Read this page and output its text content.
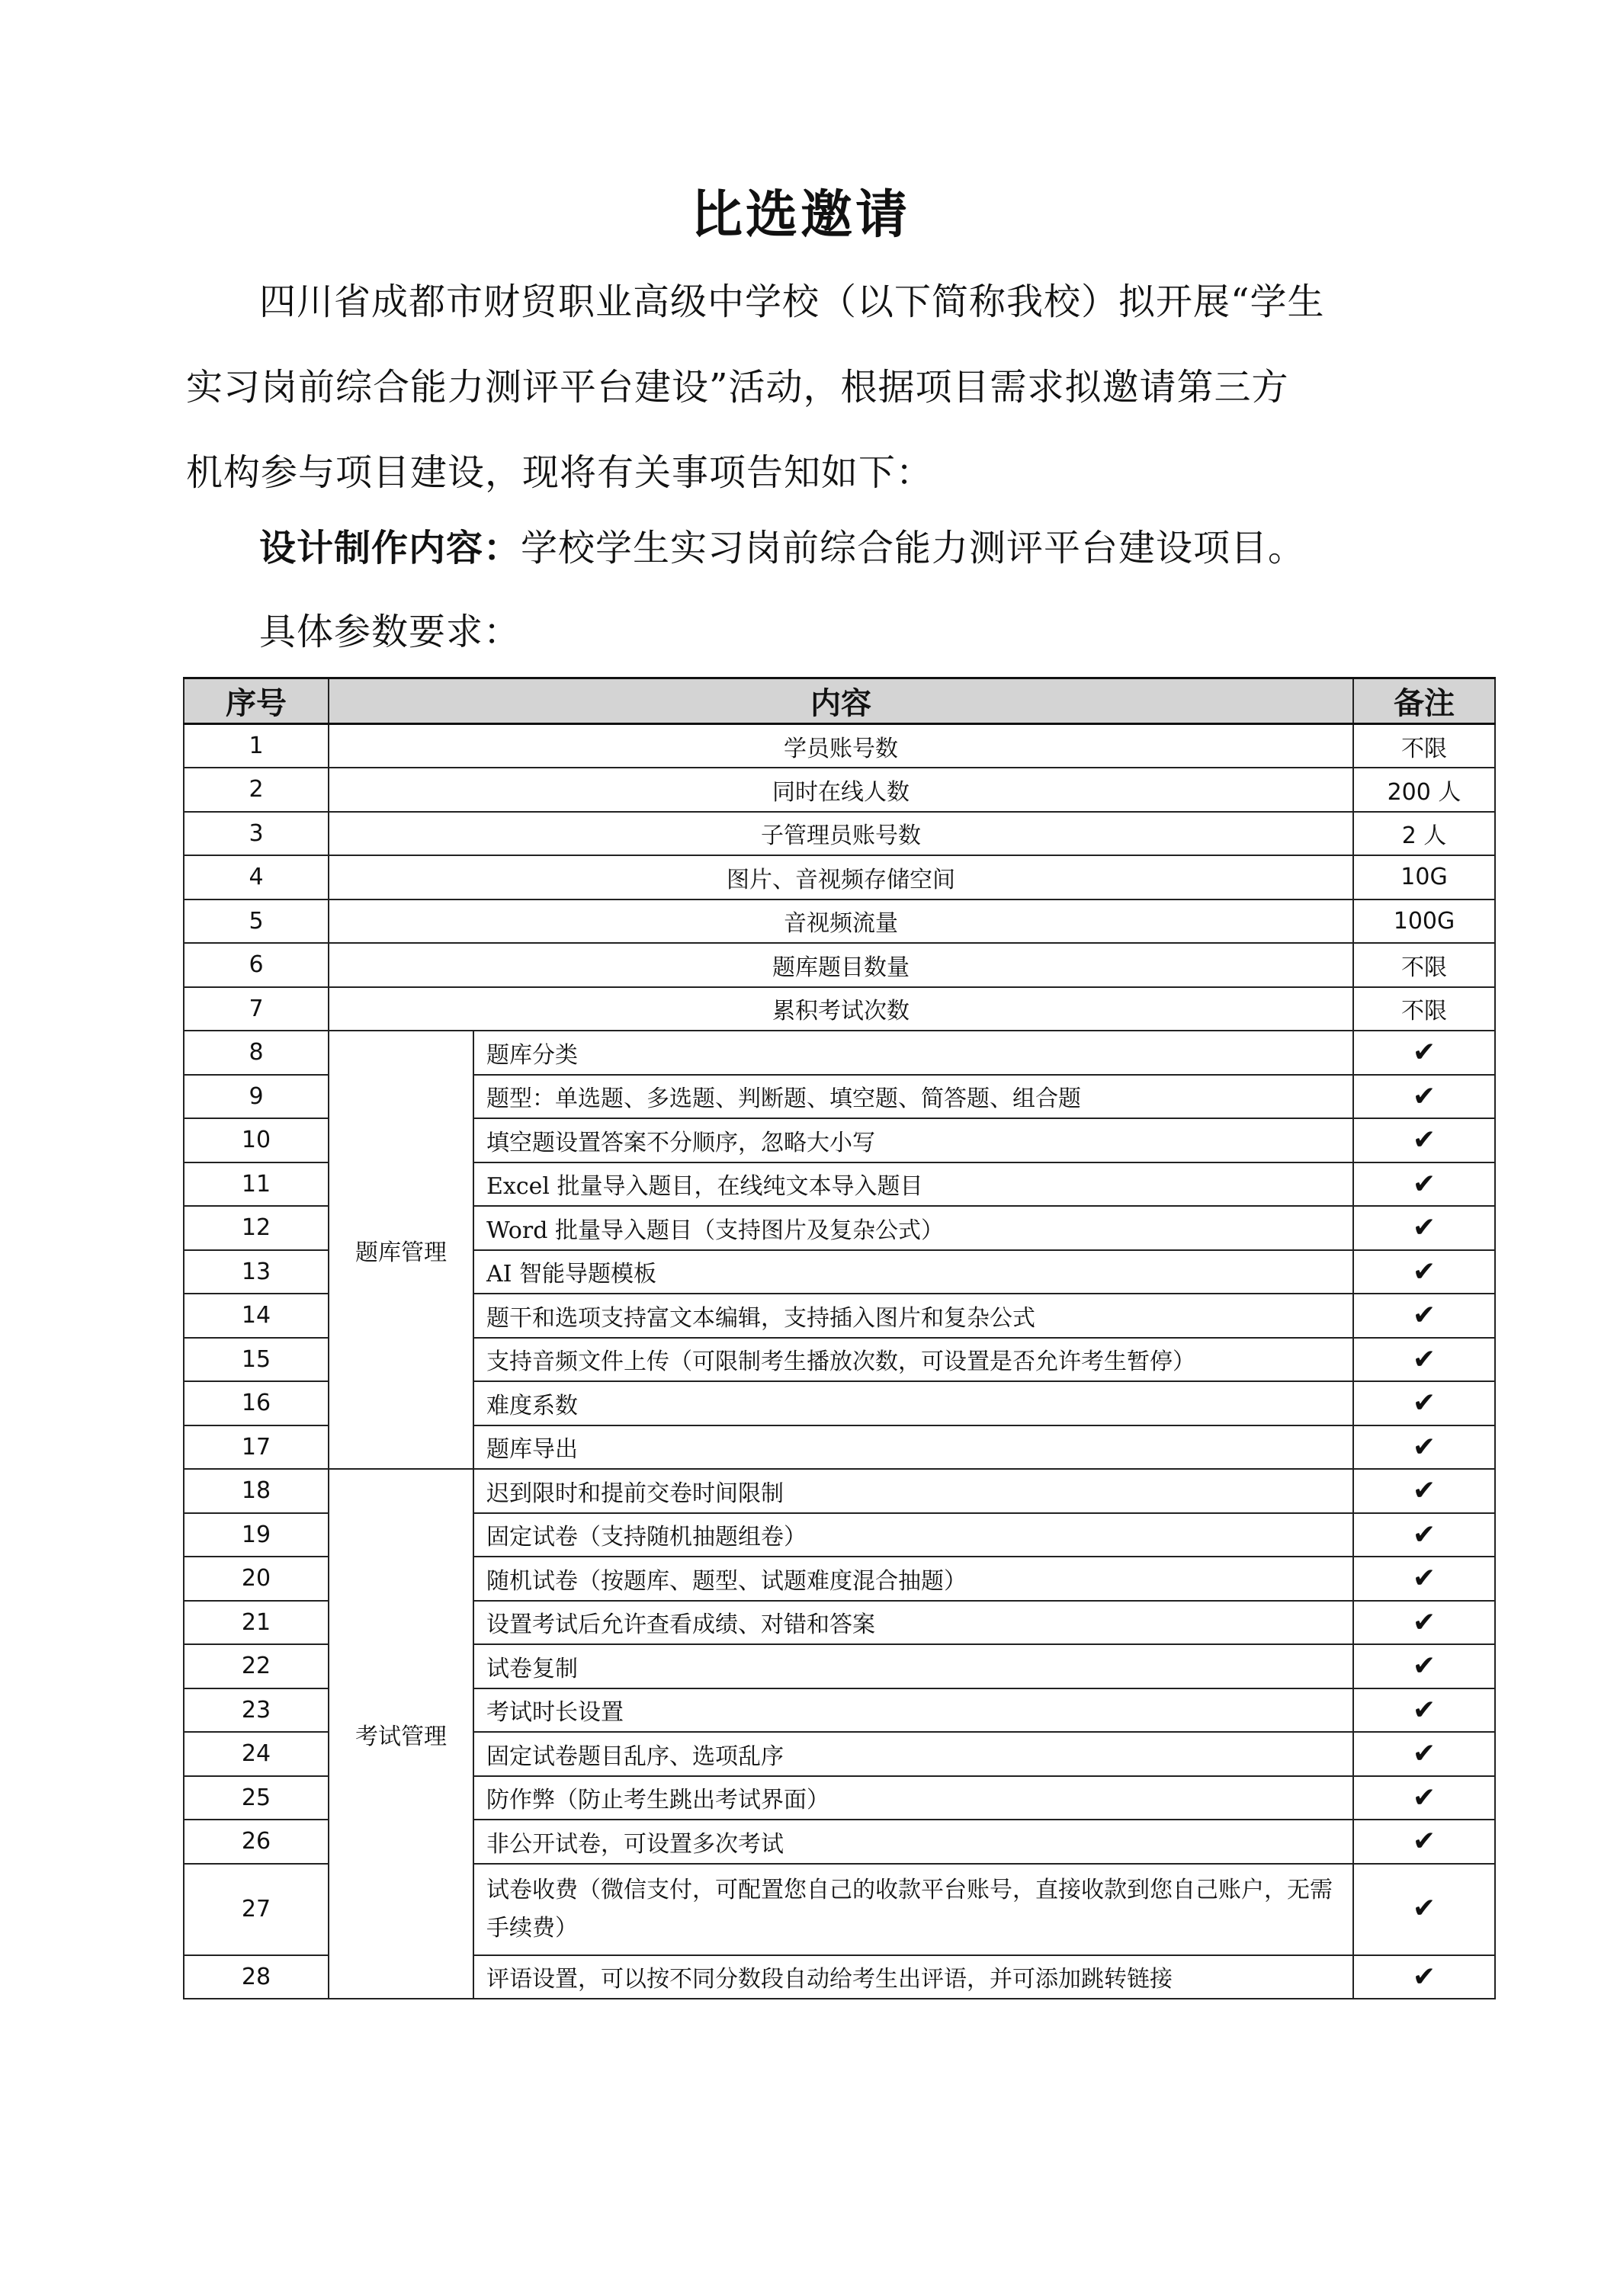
比选邀请
四川省成都市财贸职业高级中学校（以下简称我校）拟开展“学生
实习岗前综合能力测评平台建设”活动，根据项目需求拟邀请第三方
机构参与项目建设，现将有关事项告知如下：
设计制作内容：学校学生实习岗前综合能力测评平台建设项目。
具体参数要求：
序号	内容		备注
1	学员账号数		不限
2	同时在线人数		200 人
3	子管理员账号数		2 人
4	图片、音视频存储空间		10G
5	音视频流量		100G
6	题库题目数量		不限
7	累积考试次数		不限
8	题库管理	题库分类	✔
9		题型：单选题、多选题、判断题、填空题、简答题、组合题	✔
10		填空题设置答案不分顺序，忽略大小写	✔
11		Excel 批量导入题目，在线纯文本导入题目	✔
12		Word 批量导入题目（支持图片及复杂公式）	✔
13		AI 智能导题模板	✔
14		题干和选项支持富文本编辑，支持插入图片和复杂公式	✔
15		支持音频文件上传（可限制考生播放次数，可设置是否允许考生暂停）	✔
16		难度系数	✔
17		题库导出	✔
18	考试管理	迟到限时和提前交卷时间限制	✔
19		固定试卷（支持随机抽题组卷）	✔
20		随机试卷（按题库、题型、试题难度混合抽题）	✔
21		设置考试后允许查看成绩、对错和答案	✔
22		试卷复制	✔
23		考试时长设置	✔
24		固定试卷题目乱序、选项乱序	✔
25		防作弊（防止考生跳出考试界面）	✔
26		非公开试卷，可设置多次考试	✔
27		试卷收费（微信支付，可配置您自己的收款平台账号，直接收款到您自己账户，无需手续费）	✔
28		评语设置，可以按不同分数段自动给考生出评语，并可添加跳转链接	✔
